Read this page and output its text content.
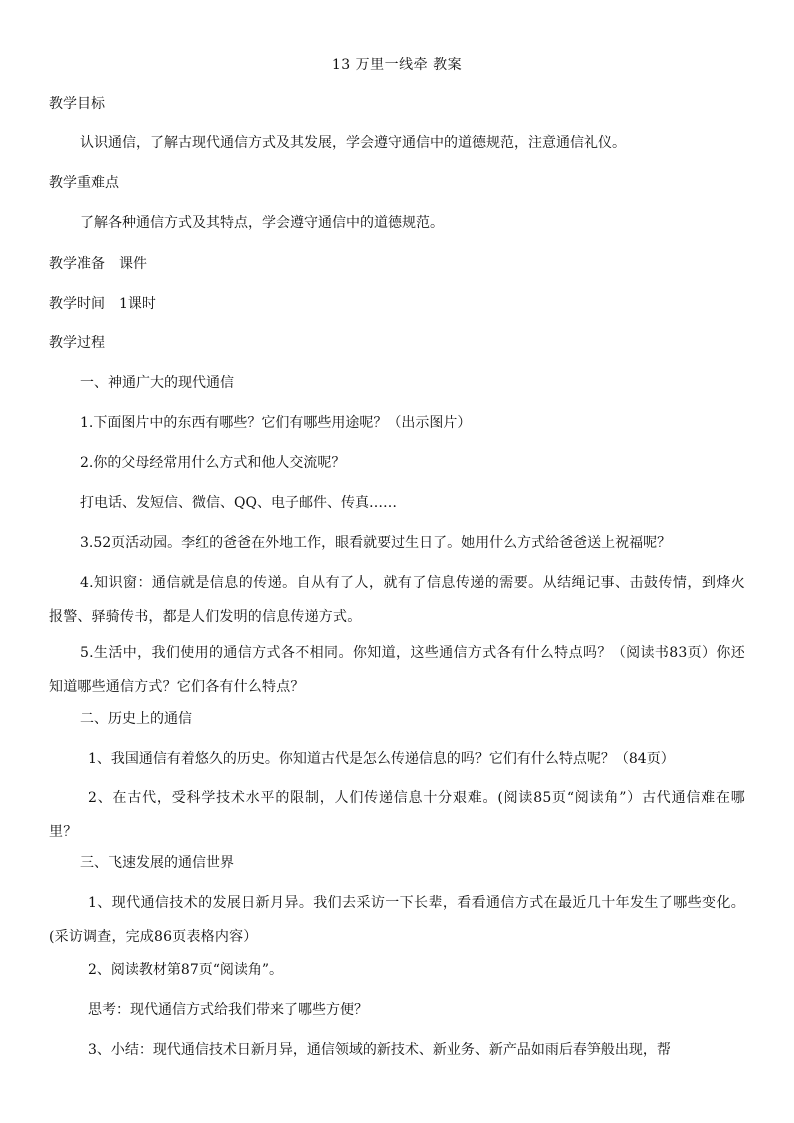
13 万里一线牵 教案
教学目标
认识通信，了解古现代通信方式及其发展，学会遵守通信中的道德规范，注意通信礼仪。
教学重难点
了解各种通信方式及其特点，学会遵守通信中的道德规范。
教学准备　课件
教学时间　1课时
教学过程
一、神通广大的现代通信
1.下面图片中的东西有哪些？它们有哪些用途呢？（出示图片）
2.你的父母经常用什么方式和他人交流呢？
打电话、发短信、微信、QQ、电子邮件、传真……
3.52页活动园。李红的爸爸在外地工作，眼看就要过生日了。她用什么方式给爸爸送上祝福呢？
4.知识窗：通信就是信息的传递。自从有了人，就有了信息传递的需要。从结绳记事、击鼓传情，到烽火报警、驿骑传书，都是人们发明的信息传递方式。
5.生活中，我们使用的通信方式各不相同。你知道，这些通信方式各有什么特点吗？（阅读书83页）你还知道哪些通信方式？它们各有什么特点？
二、历史上的通信
1、我国通信有着悠久的历史。你知道古代是怎么传递信息的吗？它们有什么特点呢？（84页）
2、在古代，受科学技术水平的限制，人们传递信息十分艰难。(阅读85页“阅读角”）古代通信难在哪里？
三、飞速发展的通信世界
1、现代通信技术的发展日新月异。我们去采访一下长辈，看看通信方式在最近几十年发生了哪些变化。(采访调查，完成86页表格内容）
2、阅读教材第87页“阅读角”。
思考：现代通信方式给我们带来了哪些方便？
3、小结：现代通信技术日新月异，通信领域的新技术、新业务、新产品如雨后春笋般出现，帮
